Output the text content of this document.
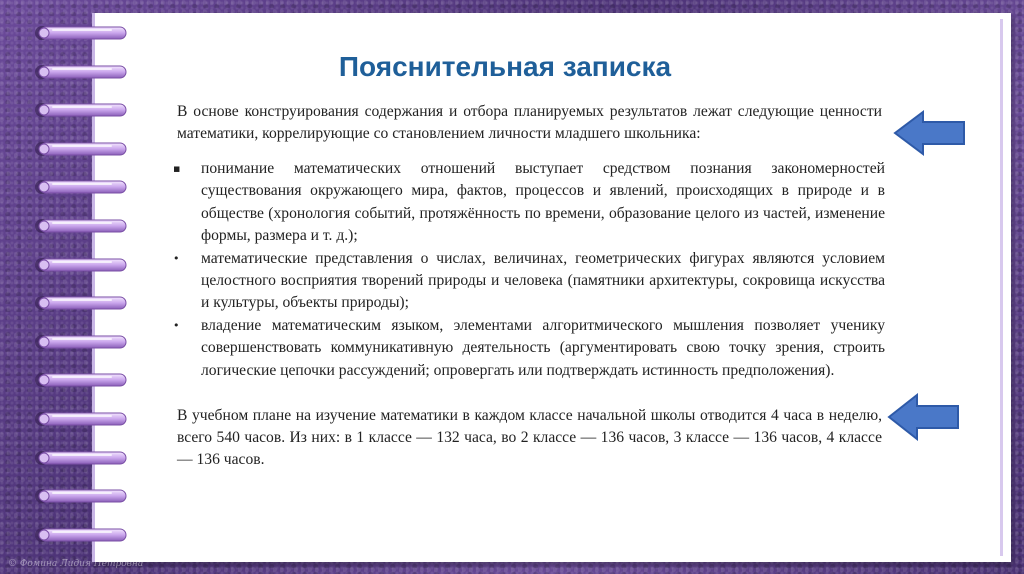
Пояснительная записка
В основе конструирования содержания и отбора планируемых результатов лежат следующие ценности математики, коррелирующие со становлением личности младшего школьника:
▪ понимание математических отношений выступает средством познания закономерностей существования окружающего мира, фактов, процессов и явлений, происходящих в природе и в обществе (хронология событий, протяжённость по времени, образование целого из частей, изменение формы, размера и т. д.);
• математические представления о числах, величинах, геометрических фигурах являются условием целостного восприятия творений природы и человека (памятники архитектуры, сокровища искусства и культуры, объекты природы);
• владение математическим языком, элементами алгоритмического мышления позволяет ученику совершенствовать коммуникативную деятельность (аргументировать свою точку зрения, строить логические цепочки рассуждений; опровергать или подтверждать истинность предположения).
В учебном плане на изучение математики в каждом классе начальной школы отводится 4 часа в неделю, всего 540 часов. Из них: в 1 классе — 132 часа, во 2 классе — 136 часов, 3 классе — 136 часов, 4 классе — 136 часов.
© Фомина Лидия Петровна
